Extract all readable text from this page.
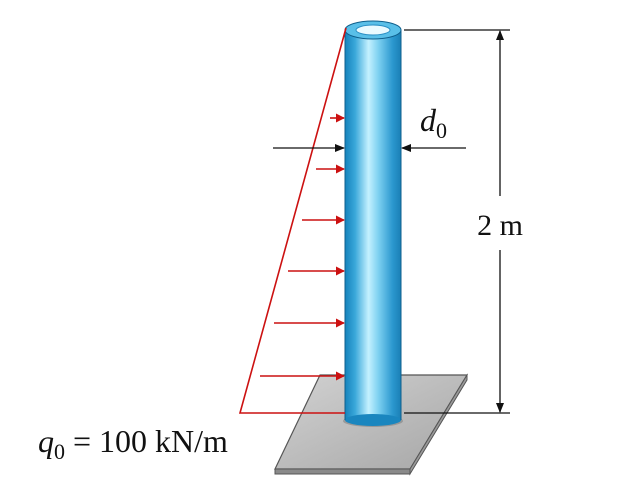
$d_0$
2 m
$q_0 = 100$ kN/m
